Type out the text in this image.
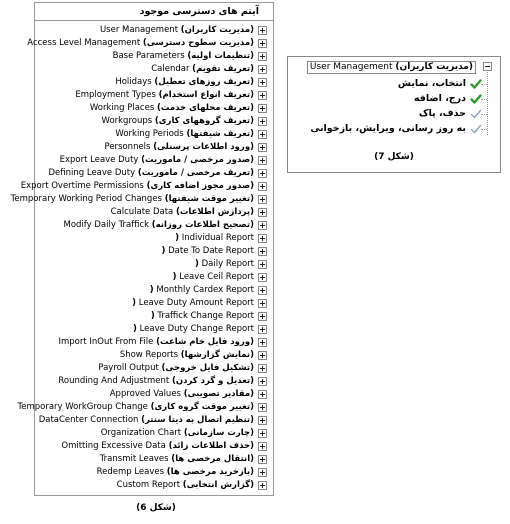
آیتم های دسترسی موجود
User Management (مدیریت کاربران)
Access Level Management (مدیریت سطوح دسترسی)
Base Parameters (تنظیمات اولیه)
Calendar (تعریف تقویم)
Holidays (تعریف روزهای تعطیل)
Employment Types (تعریف انواع استخدام)
Working Places (تعریف محلهای خدمت)
Workgroups (تعریف گروههای کاری)
Working Periods (تعریف شیفتها)
Personnels (ورود اطلاعات پرسنلی)
Export Leave Duty (صدور مرخصی / ماموریت)
Defining Leave Duty (تعریف مرخصی / ماموریت)
Export Overtime Permissions (صدور مجوز اضافه کاری)
Temporary Working Period Changes (تغییر موقت شیفتها)
Calculate Data (پردازش اطلاعات)
Modify Daily Traffick (تصحیح اطلاعات روزانه)
) Individual Report
) Date To Date Report
) Daily Report
) Leave Ceil Report
) Monthly Cardex Report
) Leave Duty Amount Report
) Traffick Change Report
) Leave Duty Change Report
Import InOut From File (ورود فایل خام شاعت)
Show Reports (نمایش گزارشها)
Payroll Output (تشکیل فایل خروجی)
Rounding And Adjustment (تعدیل و گرد کردن)
Approved Values (مقادیر تصویبی)
Temporary WorkGroup Change (تغییر موقت گروه کاری)
DataCenter Connection (تنظیم اتصال به دیتا سنتر)
Organization Chart (چارت سازمانی)
Omitting Excessive Data (حذف اطلاعات زائد)
Transmit Leaves (انتقال مرخصی ها)
Redemp Leaves (بازخرید مرخصی ها)
Custom Report (گزارش انتخابی)
(شکل 6)
User Management (مدیریت کاربران)
انتخاب، نمایش
درج، اضافه
حذف، پاک
به روز رسانی، ویرایش، بازخوانی
(شکل 7)
